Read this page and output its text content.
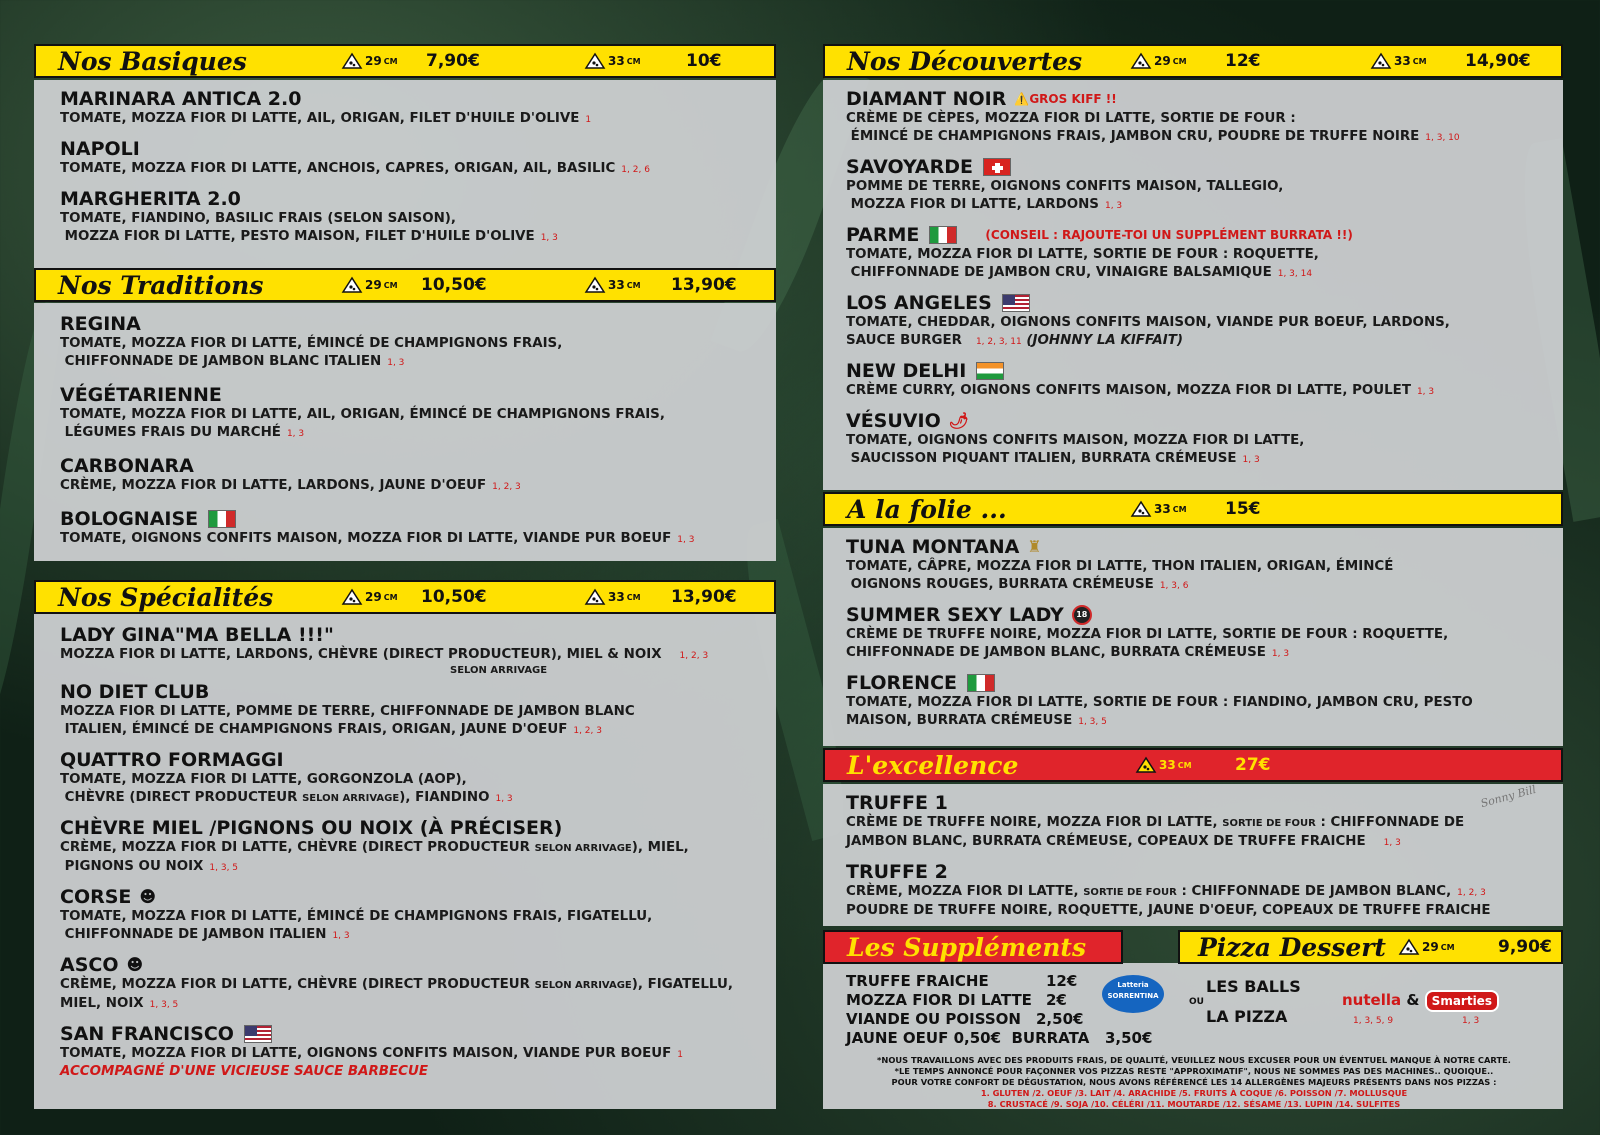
Nos Basiques	29 CM 7,90€	33 CM	10€
MARINARA ANTICA 2.0
TOMATE, MOZZA FIOR DI LATTE, AIL, ORIGAN, FILET D'HUILE D'OLIVE 1
NAPOLI
TOMATE, MOZZA FIOR DI LATTE, ANCHOIS, CAPRES, ORIGAN, AIL, BASILIC 1, 2, 6
MARGHERITA 2.0
TOMATE, FIANDINO, BASILIC FRAIS (SELON SAISON),
MOZZA FIOR DI LATTE, PESTO MAISON, FILET D'HUILE D'OLIVE 1, 3
Nos Traditions	29 CM 10,50€	33 CM 13,90€
REGINA
TOMATE, MOZZA FIOR DI LATTE, ÉMINCÉ DE CHAMPIGNONS FRAIS,
CHIFFONNADE DE JAMBON BLANC ITALIEN 1, 3
VÉGÉTARIENNE
TOMATE, MOZZA FIOR DI LATTE, AIL, ORIGAN, ÉMINCÉ DE CHAMPIGNONS FRAIS,
LÉGUMES FRAIS DU MARCHÉ 1, 3
CARBONARA
CRÈME, MOZZA FIOR DI LATTE, LARDONS, JAUNE D'OEUF 1, 2, 3
BOLOGNAISE
TOMATE, OIGNONS CONFITS MAISON, MOZZA FIOR DI LATTE, VIANDE PUR BOEUF 1, 3
Nos Spécialités	29 CM 10,50€	33 CM 13,90€
LADY GINA"MA BELLA !!!"
MOZZA FIOR DI LATTE, LARDONS, CHÈVRE (DIRECT PRODUCTEUR), MIEL & NOIX 1, 2, 3
SELON ARRIVAGE
NO DIET CLUB
MOZZA FIOR DI LATTE, POMME DE TERRE, CHIFFONNADE DE JAMBON BLANC
ITALIEN, ÉMINCÉ DE CHAMPIGNONS FRAIS, ORIGAN, JAUNE D'OEUF 1, 2, 3
QUATTRO FORMAGGI
TOMATE, MOZZA FIOR DI LATTE, GORGONZOLA (AOP),
CHÈVRE (DIRECT PRODUCTEUR SELON ARRIVAGE), FIANDINO 1, 3
CHÈVRE MIEL /PIGNONS OU NOIX (À PRÉCISER)
CRÈME, MOZZA FIOR DI LATTE, CHÈVRE (DIRECT PRODUCTEUR SELON ARRIVAGE), MIEL,
PIGNONS OU NOIX 1, 3, 5
CORSE ☻
TOMATE, MOZZA FIOR DI LATTE, ÉMINCÉ DE CHAMPIGNONS FRAIS, FIGATELLU,
CHIFFONNADE DE JAMBON ITALIEN 1, 3
ASCO ☻
CRÈME, MOZZA FIOR DI LATTE, CHÈVRE (DIRECT PRODUCTEUR SELON ARRIVAGE), FIGATELLU,
MIEL, NOIX 1, 3, 5
SAN FRANCISCO
TOMATE, MOZZA FIOR DI LATTE, OIGNONS CONFITS MAISON, VIANDE PUR BOEUF 1
ACCOMPAGNÉ D'UNE VICIEUSE SAUCE BARBECUE
Nos Découvertes	29 CM 12€	33 CM 14,90€
DIAMANT NOIR ⚠️GROS KIFF !!
CRÈME DE CÈPES, MOZZA FIOR DI LATTE, SORTIE DE FOUR :
ÉMINCÉ DE CHAMPIGNONS FRAIS, JAMBON CRU, POUDRE DE TRUFFE NOIRE 1, 3, 10
SAVOYARDE
POMME DE TERRE, OIGNONS CONFITS MAISON, TALLEGIO,
MOZZA FIOR DI LATTE, LARDONS 1, 3
PARME	(CONSEIL : RAJOUTE-TOI UN SUPPLÉMENT BURRATA !!)
TOMATE, MOZZA FIOR DI LATTE, SORTIE DE FOUR : ROQUETTE,
CHIFFONNADE DE JAMBON CRU, VINAIGRE BALSAMIQUE 1, 3, 14
LOS ANGELES
TOMATE, CHEDDAR, OIGNONS CONFITS MAISON, VIANDE PUR BOEUF, LARDONS,
SAUCE BURGER 1, 2, 3, 11 (JOHNNY LA KIFFAIT)
NEW DELHI
CRÈME CURRY, OIGNONS CONFITS MAISON, MOZZA FIOR DI LATTE, POULET 1, 3
VÉSUVIO 🌶
TOMATE, OIGNONS CONFITS MAISON, MOZZA FIOR DI LATTE,
SAUCISSON PIQUANT ITALIEN, BURRATA CRÉMEUSE 1, 3
A la folie ...	33 CM 15€
TUNA MONTANA ♜
TOMATE, CÂPRE, MOZZA FIOR DI LATTE, THON ITALIEN, ORIGAN, ÉMINCÉ
OIGNONS ROUGES, BURRATA CRÉMEUSE 1, 3, 6
SUMMER SEXY LADY	18
CRÈME DE TRUFFE NOIRE, MOZZA FIOR DI LATTE, SORTIE DE FOUR : ROQUETTE,
CHIFFONNADE DE JAMBON BLANC, BURRATA CRÉMEUSE 1, 3
FLORENCE
TOMATE, MOZZA FIOR DI LATTE, SORTIE DE FOUR : FIANDINO, JAMBON CRU, PESTO
MAISON, BURRATA CRÉMEUSE 1, 3, 5
L'excellence	33 CM	27€
Sonny Bill
TRUFFE 1
CRÈME DE TRUFFE NOIRE, MOZZA FIOR DI LATTE, SORTIE DE FOUR : CHIFFONNADE DE
JAMBON BLANC, BURRATA CRÉMEUSE, COPEAUX DE TRUFFE FRAICHE 1, 3
TRUFFE 2
CRÈME, MOZZA FIOR DI LATTE, SORTIE DE FOUR : CHIFFONNADE DE JAMBON BLANC, 1, 2, 3
POUDRE DE TRUFFE NOIRE, ROQUETTE, JAUNE D'OEUF, COPEAUX DE TRUFFE FRAICHE
Les Suppléments	Pizza Dessert	29 CM	9,90€
TRUFFE FRAICHE	12€
MOZZA FIOR DI LATTE 2€
VIANDE OU POISSON 2,50€
JAUNE OEUF 0,50€  BURRATA   3,50€
Latteria SORRENTINA	LES BALLS
OU
LA PIZZA
nutella & Smarties
1, 3, 5, 9	1, 3
*NOUS TRAVAILLONS AVEC DES PRODUITS FRAIS, DE QUALITÉ, VEUILLEZ NOUS EXCUSER POUR UN ÉVENTUEL MANQUE À NOTRE CARTE.
*LE TEMPS ANNONCÉ POUR FAÇONNER VOS PIZZAS RESTE "APPROXIMATIF", NOUS NE SOMMES PAS DES MACHINES.. QUOIQUE..
POUR VOTRE CONFORT DE DÉGUSTATION, NOUS AVONS RÉFÉRENCÉ LES 14 ALLERGÈNES MAJEURS PRÉSENTS DANS NOS PIZZAS :
1. GLUTEN /2. OEUF /3. LAIT /4. ARACHIDE /5. FRUITS À COQUE /6. POISSON /7. MOLLUSQUE
8. CRUSTACÉ /9. SOJA /10. CÉLÉRI /11. MOUTARDE /12. SÉSAME /13. LUPIN /14. SULFITES
